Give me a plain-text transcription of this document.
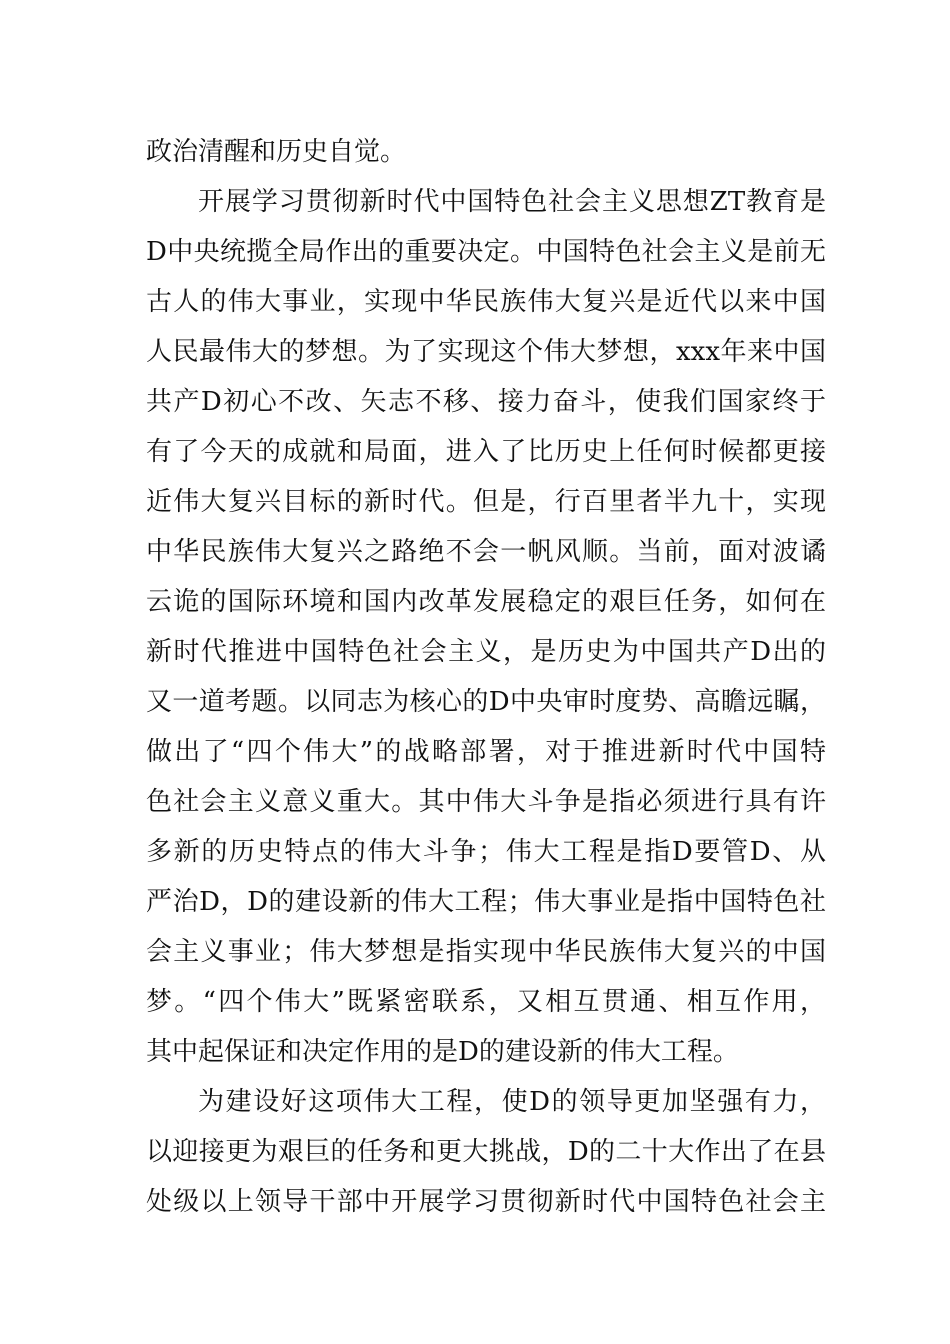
政治清醒和历史自觉。
开展学习贯彻新时代中国特色社会主义思想ZT教育是
D中央统揽全局作出的重要决定。中国特色社会主义是前无
古人的伟大事业，实现中华民族伟大复兴是近代以来中国
人民最伟大的梦想。为了实现这个伟大梦想，xxx年来中国
共产D初心不改、矢志不移、接力奋斗，使我们国家终于
有了今天的成就和局面，进入了比历史上任何时候都更接
近伟大复兴目标的新时代。但是，行百里者半九十，实现
中华民族伟大复兴之路绝不会一帆风顺。当前，面对波谲
云诡的国际环境和国内改革发展稳定的艰巨任务，如何在
新时代推进中国特色社会主义，是历史为中国共产D出的
又一道考题。以同志为核心的D中央审时度势、高瞻远瞩，
做出了“四个伟大”的战略部署，对于推进新时代中国特
色社会主义意义重大。其中伟大斗争是指必须进行具有许
多新的历史特点的伟大斗争；伟大工程是指D要管D、从
严治D，D的建设新的伟大工程；伟大事业是指中国特色社
会主义事业；伟大梦想是指实现中华民族伟大复兴的中国
梦。“四个伟大”既紧密联系，又相互贯通、相互作用，
其中起保证和决定作用的是D的建设新的伟大工程。
为建设好这项伟大工程，使D的领导更加坚强有力，
以迎接更为艰巨的任务和更大挑战，D的二十大作出了在县
处级以上领导干部中开展学习贯彻新时代中国特色社会主
